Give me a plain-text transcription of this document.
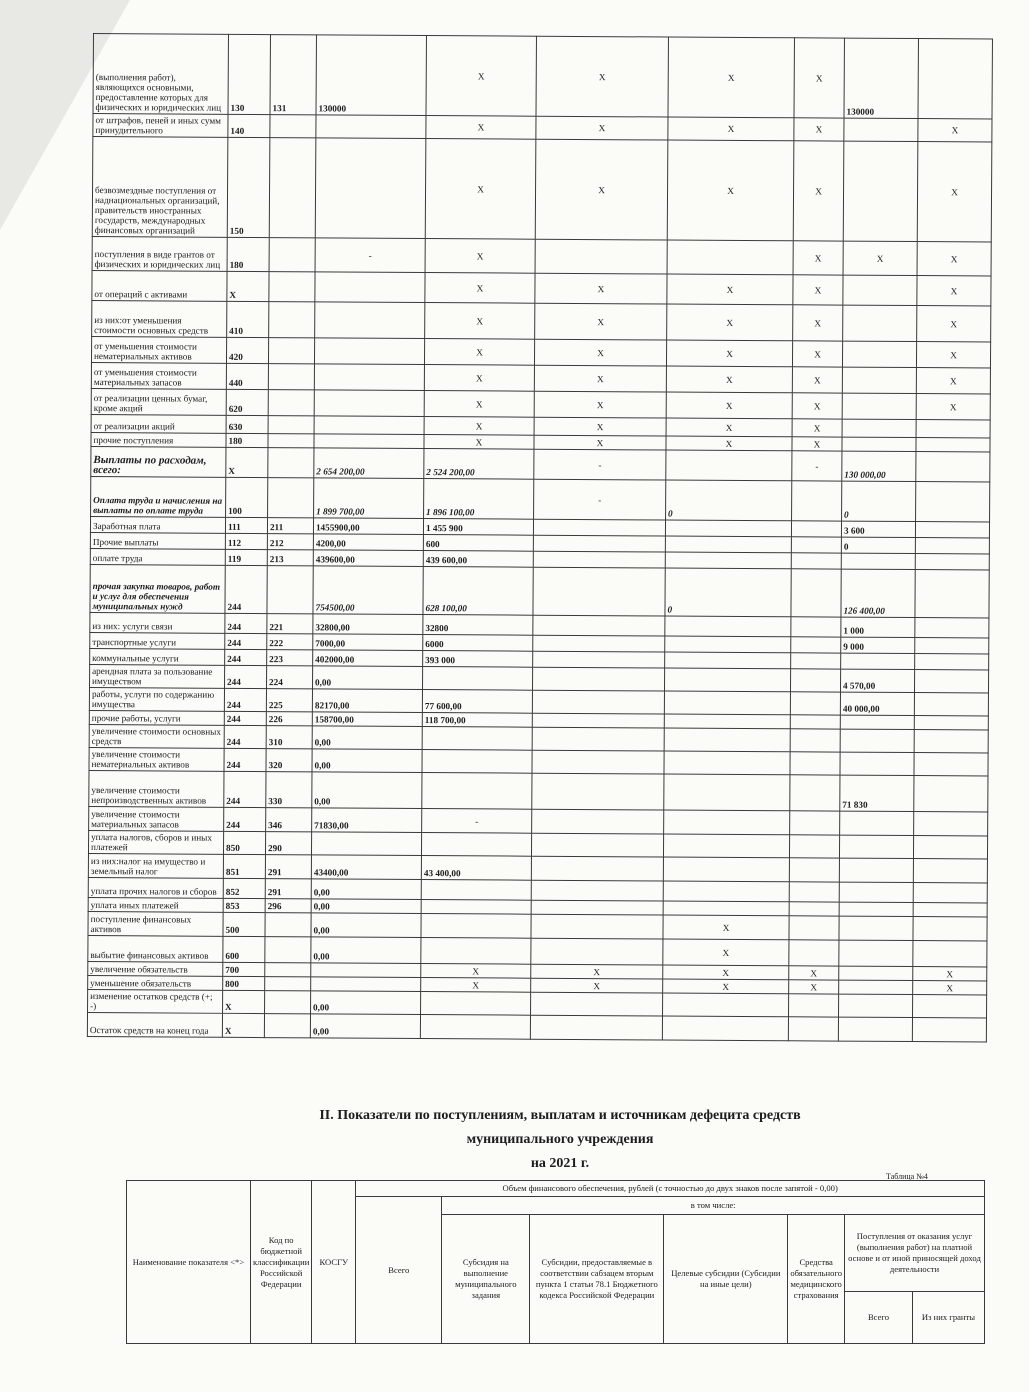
(выполнения работ), являющихся основными, предоставление которых для физических и юридических лиц	130	131	130000	X	X	X	X	130000	
от штрафов, пеней и иных сумм принудительного	140			X	X	X	X		X
безвозмездные поступления от наднациональных организаций, правительств иностранных государств, международных финансовых организаций	150			X	X	X	X		X
поступления в виде грантов от физических и юридических лиц	180		-	X			X	X	X
от операций с активами	X			X	X	X	X		X
из них:от уменьшения стоимости основных средств	410			X	X	X	X		X
от уменьшения стоимости нематериальных активов	420			X	X	X	X		X
от уменьшения стоимости материальных запасов	440			X	X	X	X		X
от реализации ценных бумаг, кроме акций	620			X	X	X	X		X
от реализации акций	630			X	X	X	X		
прочие поступления	180			X	X	X	X		
Выплаты по расходам, всего:	X		2 654 200,00	2 524 200,00	-		-	130 000,00	
Оплата труда и начисления на выплаты по оплате труда	100		1 899 700,00	1 896 100,00	-	0		0	
Заработная плата	111	211	1455900,00	1 455 900				3 600	
Прочие выплаты	112	212	4200,00	600				0	
оплате труда	119	213	439600,00	439 600,00					
прочая закупка товаров, работ и услуг для обеспечения муниципальных нужд	244		754500,00	628 100,00		0		126 400,00	
из них: услуги связи	244	221	32800,00	32800				1 000	
транспортные услуги	244	222	7000,00	6000				9 000	
коммунальные услуги	244	223	402000,00	393 000					
арендная плата за пользование имуществом	244	224	0,00					4 570,00	
работы, услуги по содержанию имущества	244	225	82170,00	77 600,00				40 000,00	
прочие работы, услуги	244	226	158700,00	118 700,00					
увеличение стоимости основных средств	244	310	0,00						
увеличение стоимости нематериальных активов	244	320	0,00						
увеличение стоимости непроизводственных активов	244	330	0,00					71 830	
увеличение стоимости материальных запасов	244	346	71830,00	-					
уплата налогов, сборов и иных платежей	850	290							
из них:налог на имущество и земельный налог	851	291	43400,00	43 400,00					
уплата прочих налогов и сборов	852	291	0,00						
уплата иных платежей	853	296	0,00						
поступление финансовых активов	500		0,00			X			
выбытие финансовых активов	600		0,00			X			
увеличение обязательств	700			X	X	X	X		X
уменьшение обязательств	800			X	X	X	X		X
изменение остатков средств (+; -)	X		0,00						
Остаток средств на конец года	X		0,00						
II. Показатели по поступлениям, выплатам и источникам дефецита средств
муниципального учреждения
на 2021 г.
Таблица №4
Наименование показателя <*>	Код по бюджетной классификации Российской Федерации	КОСГУ	Объем финансового обеспечения, рублей (с точностью до двух знаков после запятой - 0,00)						
			Всего	в том числе:					
				Субсидия на выполнение муниципального задания	Субсидии, предоставляемые в соответствии сабзацем вторым пункта 1 статьи 78.1 Бюджетного кодекса Российской Федерации	Целевые субсидии (Субсидии на иные цели)	Средства обязательного медицинского страхования	Поступления от оказания услуг (выполнения работ) на платной основе и от иной приносящей доход деятельности	
								Всего	Из них гранты
